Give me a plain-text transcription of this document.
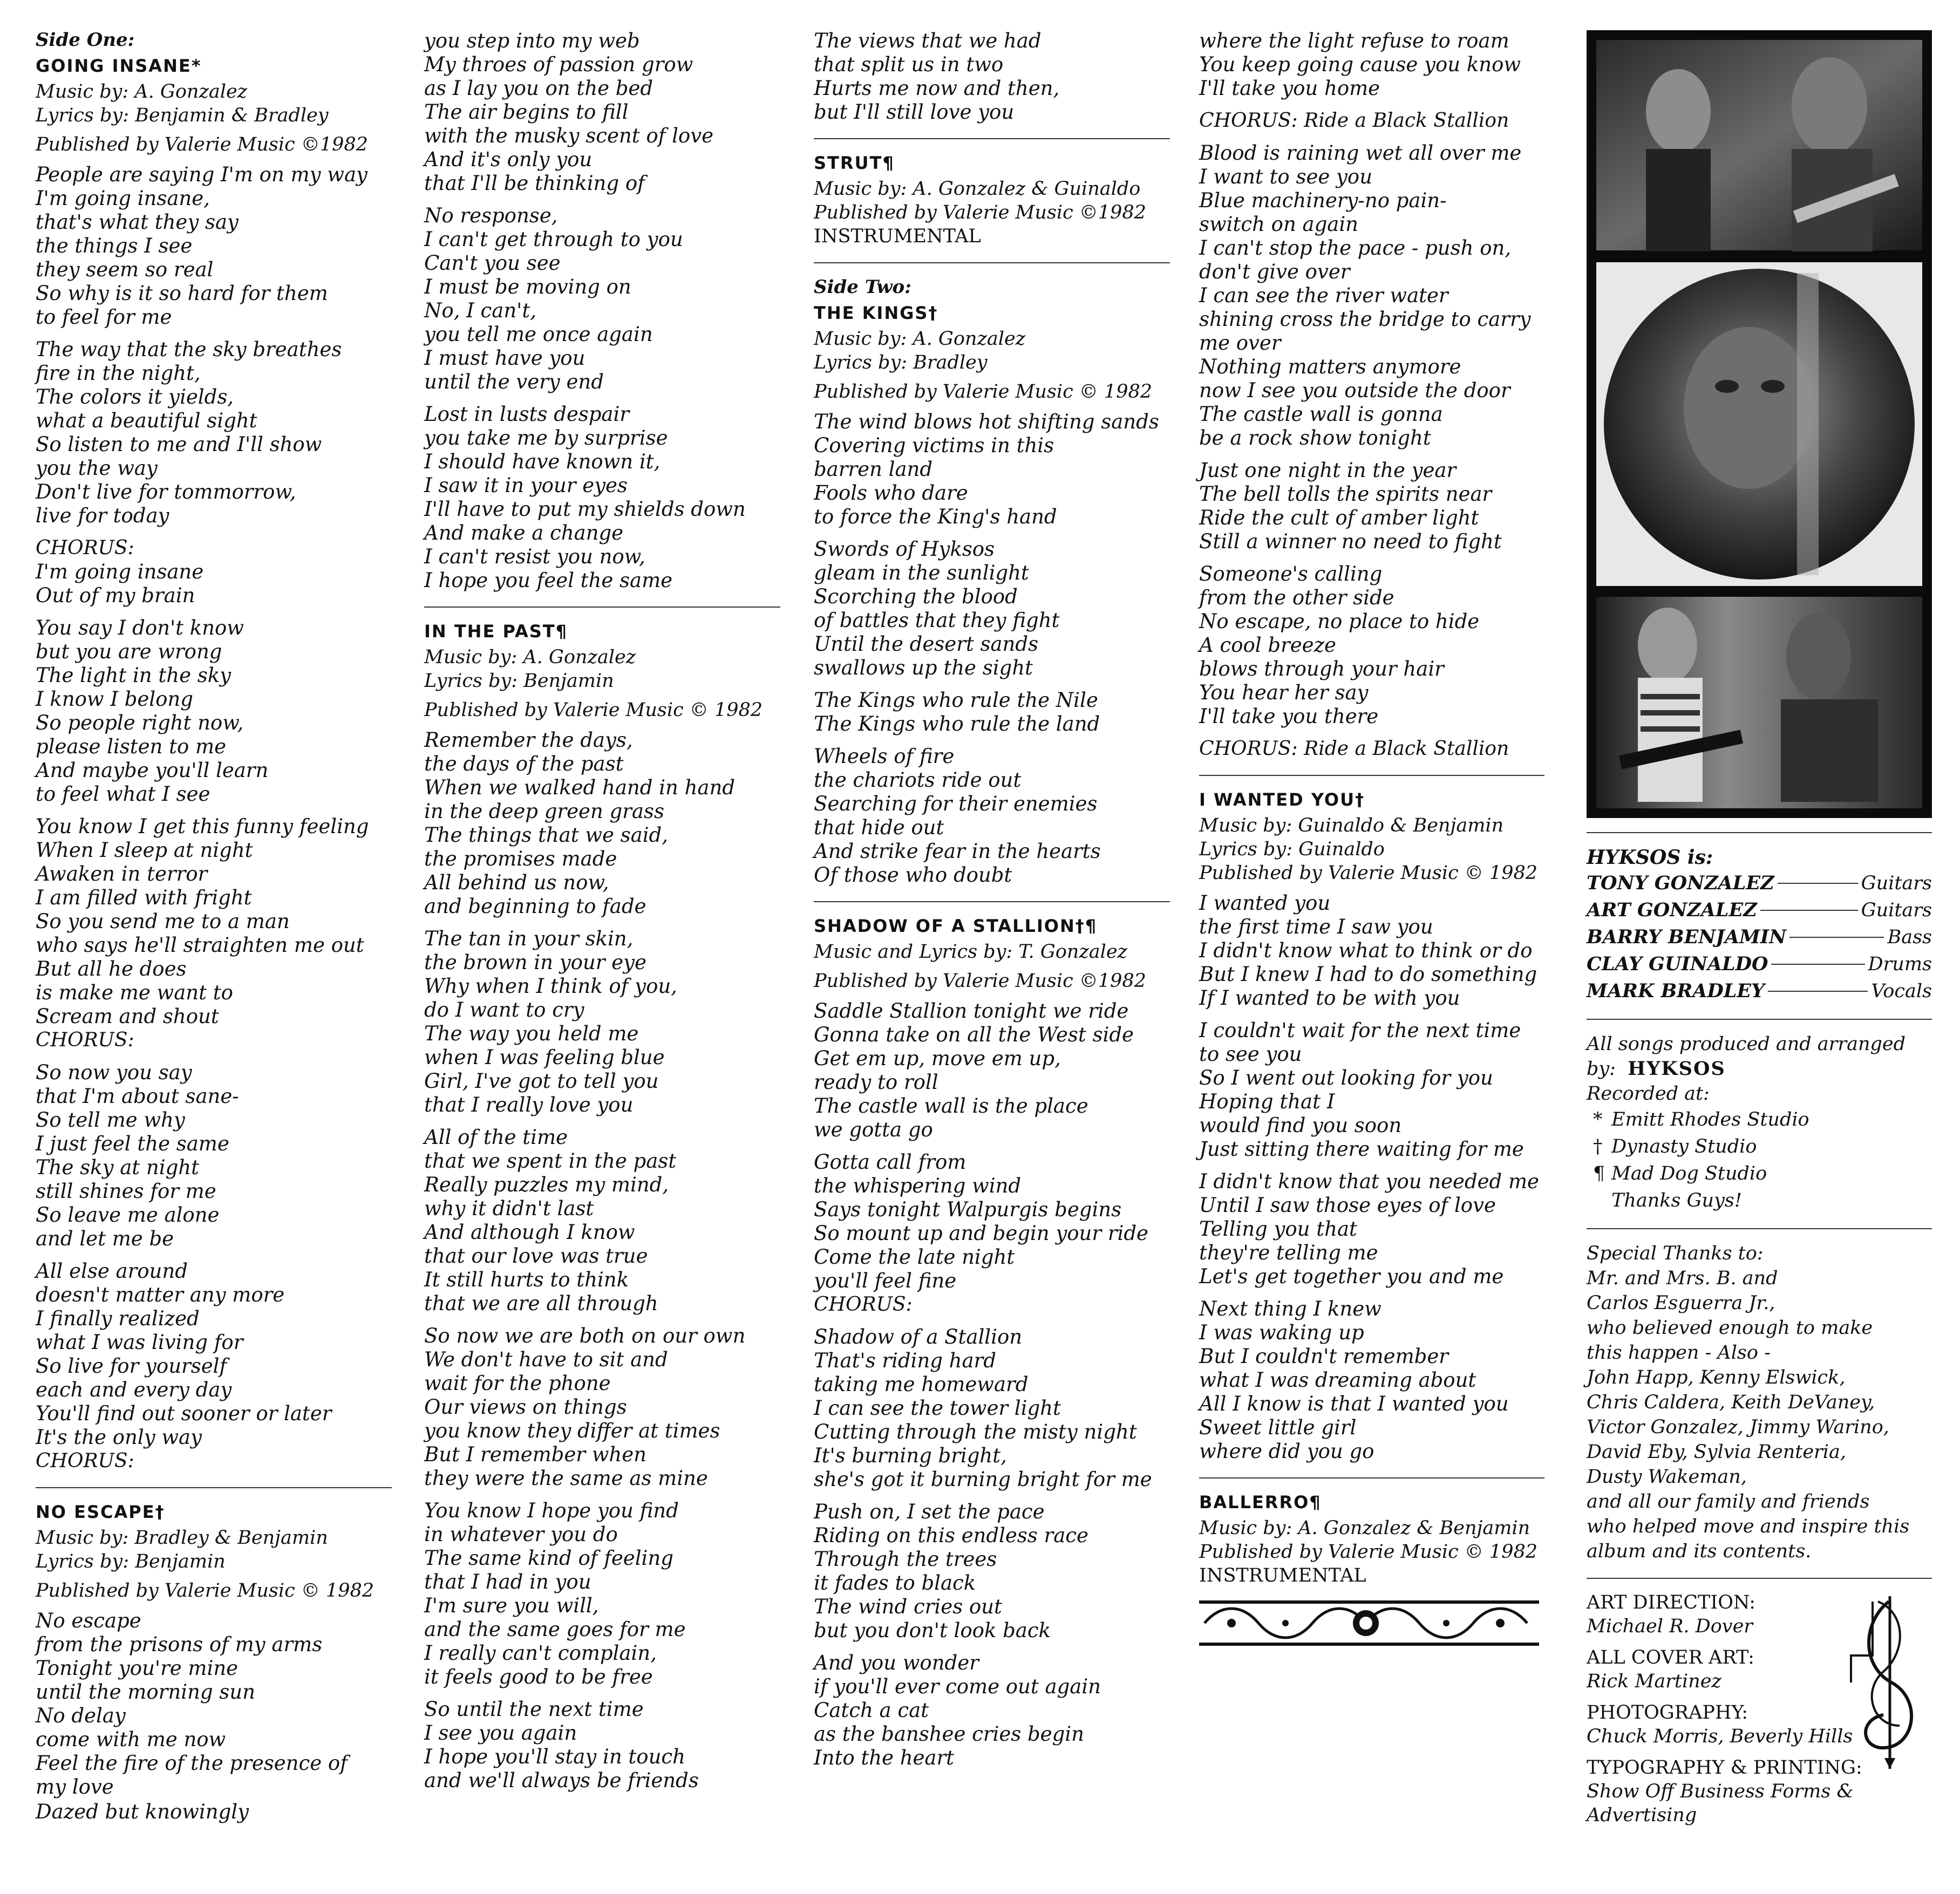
Side One:
GOING INSANE*
Music by: A. Gonzalez
Lyrics by: Benjamin & Bradley
Published by Valerie Music ©1982
People are saying I'm on my way
I'm going insane,
that's what they say
the things I see
they seem so real
So why is it so hard for them
to feel for me
The way that the sky breathes
fire in the night,
The colors it yields,
what a beautiful sight
So listen to me and I'll show
you the way
Don't live for tommorrow,
live for today
CHORUS:
I'm going insane
Out of my brain
You say I don't know
but you are wrong
The light in the sky
I know I belong
So people right now,
please listen to me
And maybe you'll learn
to feel what I see
You know I get this funny feeling
When I sleep at night
Awaken in terror
I am filled with fright
So you send me to a man
who says he'll straighten me out
But all he does
is make me want to
Scream and shout
CHORUS:
So now you say
that I'm about sane-
So tell me why
I just feel the same
The sky at night
still shines for me
So leave me alone
and let me be
All else around
doesn't matter any more
I finally realized
what I was living for
So live for yourself
each and every day
You'll find out sooner or later
It's the only way
CHORUS:
NO ESCAPE†
Music by: Bradley & Benjamin
Lyrics by: Benjamin
Published by Valerie Music © 1982
No escape
from the prisons of my arms
Tonight you're mine
until the morning sun
No delay
come with me now
Feel the fire of the presence of
my love
Dazed but knowingly
you step into my web
My throes of passion grow
as I lay you on the bed
The air begins to fill
with the musky scent of love
And it's only you
that I'll be thinking of
No response,
I can't get through to you
Can't you see
I must be moving on
No, I can't,
you tell me once again
I must have you
until the very end
Lost in lusts despair
you take me by surprise
I should have known it,
I saw it in your eyes
I'll have to put my shields down
And make a change
I can't resist you now,
I hope you feel the same
IN THE PAST¶
Music by: A. Gonzalez
Lyrics by: Benjamin
Published by Valerie Music © 1982
Remember the days,
the days of the past
When we walked hand in hand
in the deep green grass
The things that we said,
the promises made
All behind us now,
and beginning to fade
The tan in your skin,
the brown in your eye
Why when I think of you,
do I want to cry
The way you held me
when I was feeling blue
Girl, I've got to tell you
that I really love you
All of the time
that we spent in the past
Really puzzles my mind,
why it didn't last
And although I know
that our love was true
It still hurts to think
that we are all through
So now we are both on our own
We don't have to sit and
wait for the phone
Our views on things
you know they differ at times
But I remember when
they were the same as mine
You know I hope you find
in whatever you do
The same kind of feeling
that I had in you
I'm sure you will,
and the same goes for me
I really can't complain,
it feels good to be free
So until the next time
I see you again
I hope you'll stay in touch
and we'll always be friends
The views that we had
that split us in two
Hurts me now and then,
but I'll still love you
STRUT¶
Music by: A. Gonzalez & Guinaldo
Published by Valerie Music ©1982
INSTRUMENTAL
Side Two:
THE KINGS†
Music by: A. Gonzalez
Lyrics by: Bradley
Published by Valerie Music © 1982
The wind blows hot shifting sands
Covering victims in this
barren land
Fools who dare
to force the King's hand
Swords of Hyksos
gleam in the sunlight
Scorching the blood
of battles that they fight
Until the desert sands
swallows up the sight
The Kings who rule the Nile
The Kings who rule the land
Wheels of fire
the chariots ride out
Searching for their enemies
that hide out
And strike fear in the hearts
Of those who doubt
SHADOW OF A STALLION†¶
Music and Lyrics by: T. Gonzalez
Published by Valerie Music ©1982
Saddle Stallion tonight we ride
Gonna take on all the West side
Get em up, move em up,
ready to roll
The castle wall is the place
we gotta go
Gotta call from
the whispering wind
Says tonight Walpurgis begins
So mount up and begin your ride
Come the late night
you'll feel fine
CHORUS:
Shadow of a Stallion
That's riding hard
taking me homeward
I can see the tower light
Cutting through the misty night
It's burning bright,
she's got it burning bright for me
Push on, I set the pace
Riding on this endless race
Through the trees
it fades to black
The wind cries out
but you don't look back
And you wonder
if you'll ever come out again
Catch a cat
as the banshee cries begin
Into the heart
where the light refuse to roam
You keep going cause you know
I'll take you home
CHORUS: Ride a Black Stallion
Blood is raining wet all over me
I want to see you
Blue machinery-no pain-
switch on again
I can't stop the pace - push on,
don't give over
I can see the river water
shining cross the bridge to carry
me over
Nothing matters anymore
now I see you outside the door
The castle wall is gonna
be a rock show tonight
Just one night in the year
The bell tolls the spirits near
Ride the cult of amber light
Still a winner no need to fight
Someone's calling
from the other side
No escape, no place to hide
A cool breeze
blows through your hair
You hear her say
I'll take you there
CHORUS: Ride a Black Stallion
I WANTED YOU†
Music by: Guinaldo & Benjamin
Lyrics by: Guinaldo
Published by Valerie Music © 1982
I wanted you
the first time I saw you
I didn't know what to think or do
But I knew I had to do something
If I wanted to be with you
I couldn't wait for the next time
to see you
So I went out looking for you
Hoping that I
would find you soon
Just sitting there waiting for me
I didn't know that you needed me
Until I saw those eyes of love
Telling you that
they're telling me
Let's get together you and me
Next thing I knew
I was waking up
But I couldn't remember
what I was dreaming about
All I know is that I wanted you
Sweet little girl
where did you go
BALLERRO¶
Music by: A. Gonzalez & Benjamin
Published by Valerie Music © 1982
INSTRUMENTAL
HYKSOS is:
TONY GONZALEZ	Guitars
ART GONZALEZ	Guitars
BARRY BENJAMIN	Bass
CLAY GUINALDO	Drums
MARK BRADLEY	Vocals
All songs produced and arranged
by: HYKSOS
Recorded at:
* Emitt Rhodes Studio
† Dynasty Studio
¶ Mad Dog Studio
Thanks Guys!
Special Thanks to:
Mr. and Mrs. B. and
Carlos Esguerra Jr.,
who believed enough to make
this happen - Also -
John Happ, Kenny Elswick,
Chris Caldera, Keith DeVaney,
Victor Gonzalez, Jimmy Warino,
David Eby, Sylvia Renteria,
Dusty Wakeman,
and all our family and friends
who helped move and inspire this
album and its contents.
ART DIRECTION:
Michael R. Dover
ALL COVER ART:
Rick Martinez
PHOTOGRAPHY:
Chuck Morris, Beverly Hills
TYPOGRAPHY & PRINTING:
Show Off Business Forms &
Advertising
